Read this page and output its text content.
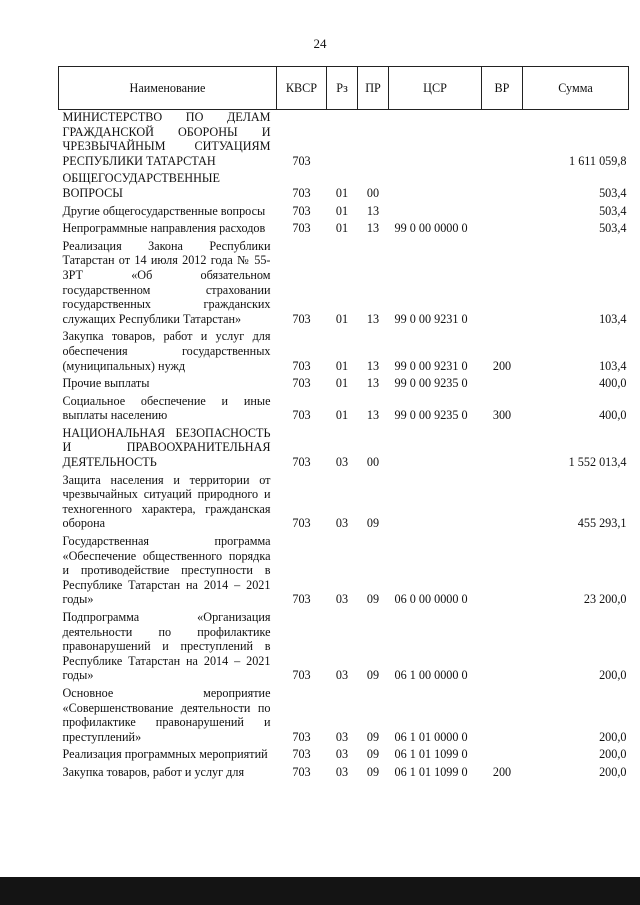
24
Наименование	КВСР	Рз	ПР	ЦСР	ВР	Сумма
МИНИСТЕРСТВО ПО ДЕЛАМ ГРАЖДАНСКОЙ ОБОРОНЫ И ЧРЕЗВЫЧАЙНЫМ СИТУАЦИЯМ РЕСПУБЛИКИ ТАТАРСТАН	703					1 611 059,8
ОБЩЕГОСУДАРСТВЕННЫЕ ВОПРОСЫ	703	01	00			503,4
Другие общегосударственные вопросы	703	01	13			503,4
Непрограммные направления расходов	703	01	13	99 0 00 0000 0		503,4
Реализация Закона Республики Татарстан от 14 июля 2012 года № 55-ЗРТ «Об обязательном государственном страховании государственных гражданских служащих Республики Татарстан»	703	01	13	99 0 00 9231 0		103,4
Закупка товаров, работ и услуг для обеспечения государственных (муниципальных) нужд	703	01	13	99 0 00 9231 0	200	103,4
Прочие выплаты	703	01	13	99 0 00 9235 0		400,0
Социальное обеспечение и иные выплаты населению	703	01	13	99 0 00 9235 0	300	400,0
НАЦИОНАЛЬНАЯ БЕЗОПАСНОСТЬ И ПРАВООХРАНИТЕЛЬНАЯ ДЕЯТЕЛЬНОСТЬ	703	03	00			1 552 013,4
Защита населения и территории от чрезвычайных ситуаций природного и техногенного характера, гражданская оборона	703	03	09			455 293,1
Государственная программа «Обеспечение общественного порядка и противодействие преступности в Республике Татарстан на 2014 – 2021 годы»	703	03	09	06 0 00 0000 0		23 200,0
Подпрограмма «Организация деятельности по профилактике правонарушений и преступлений в Республике Татарстан на 2014 – 2021 годы»	703	03	09	06 1 00 0000 0		200,0
Основное мероприятие «Совершенствование деятельности по профилактике правонарушений и преступлений»	703	03	09	06 1 01 0000 0		200,0
Реализация программных мероприятий	703	03	09	06 1 01 1099 0		200,0
Закупка товаров, работ и услуг для	703	03	09	06 1 01 1099 0	200	200,0
